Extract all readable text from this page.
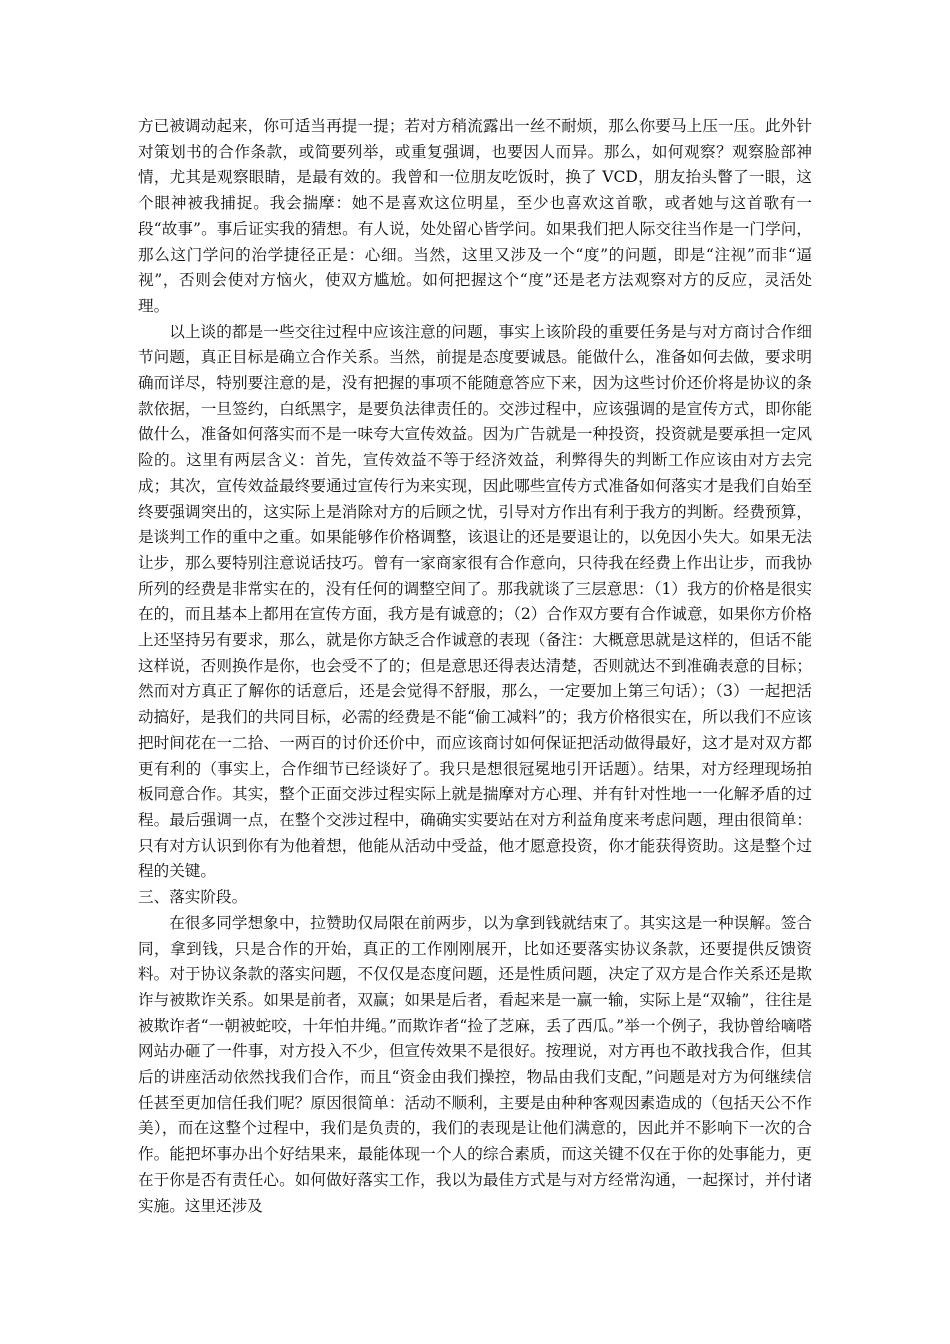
方已被调动起来，你可适当再提一提；若对方稍流露出一丝不耐烦，那么你要马上压一压。此外针对策划书的合作条款，或简要列举，或重复强调，也要因人而异。那么，如何观察？观察脸部神情，尤其是观察眼睛，是最有效的。我曾和一位朋友吃饭时，换了 VCD，朋友抬头瞥了一眼，这个眼神被我捕捉。我会揣摩：她不是喜欢这位明星，至少也喜欢这首歌，或者她与这首歌有一段“故事”。事后证实我的猜想。有人说，处处留心皆学问。如果我们把人际交往当作是一门学问，那么这门学问的治学捷径正是：心细。当然，这里又涉及一个“度”的问题，即是“注视”而非“逼视”，否则会使对方恼火，使双方尴尬。如何把握这个“度”还是老方法观察对方的反应，灵活处理。

以上谈的都是一些交往过程中应该注意的问题，事实上该阶段的重要任务是与对方商讨合作细节问题，真正目标是确立合作关系。当然，前提是态度要诚恳。能做什么，准备如何去做，要求明确而详尽，特别要注意的是，没有把握的事项不能随意答应下来，因为这些讨价还价将是协议的条款依据，一旦签约，白纸黑字，是要负法律责任的。交涉过程中，应该强调的是宣传方式，即你能做什么，准备如何落实而不是一味夸大宣传效益。因为广告就是一种投资，投资就是要承担一定风险的。这里有两层含义：首先，宣传效益不等于经济效益，利弊得失的判断工作应该由对方去完成；其次，宣传效益最终要通过宣传行为来实现，因此哪些宣传方式准备如何落实才是我们自始至终要强调突出的，这实际上是消除对方的后顾之忧，引导对方作出有利于我方的判断。经费预算，是谈判工作的重中之重。如果能够作价格调整，该退让的还是要退让的，以免因小失大。如果无法让步，那么要特别注意说话技巧。曾有一家商家很有合作意向，只待我在经费上作出让步，而我协所列的经费是非常实在的，没有任何的调整空间了。那我就谈了三层意思：（1）我方的价格是很实在的，而且基本上都用在宣传方面，我方是有诚意的；（2）合作双方要有合作诚意，如果你方价格上还坚持另有要求，那么，就是你方缺乏合作诚意的表现（备注：大概意思就是这样的，但话不能这样说，否则换作是你，也会受不了的；但是意思还得表达清楚，否则就达不到准确表意的目标；然而对方真正了解你的话意后，还是会觉得不舒服，那么，一定要加上第三句话）；（3）一起把活动搞好，是我们的共同目标，必需的经费是不能“偷工减料”的；我方价格很实在，所以我们不应该把时间花在一二拾、一两百的讨价还价中，而应该商讨如何保证把活动做得最好，这才是对双方都更有利的（事实上，合作细节已经谈好了。我只是想很冠冕地引开话题）。结果，对方经理现场拍板同意合作。其实，整个正面交涉过程实际上就是揣摩对方心理、并有针对性地一一化解矛盾的过程。最后强调一点，在整个交涉过程中，确确实实要站在对方利益角度来考虑问题，理由很简单：只有对方认识到你有为他着想，他能从活动中受益，他才愿意投资，你才能获得资助。这是整个过程的关键。

三、落实阶段。

在很多同学想象中，拉赞助仅局限在前两步，以为拿到钱就结束了。其实这是一种误解。签合同，拿到钱，只是合作的开始，真正的工作刚刚展开，比如还要落实协议条款，还要提供反馈资料。对于协议条款的落实问题，不仅仅是态度问题，还是性质问题，决定了双方是合作关系还是欺诈与被欺诈关系。如果是前者，双赢；如果是后者，看起来是一赢一输，实际上是“双输”，往往是被欺诈者“一朝被蛇咬，十年怕井绳。”而欺诈者“捡了芝麻，丢了西瓜。”举一个例子，我协曾给嘀嗒网站办砸了一件事，对方投入不少，但宣传效果不是很好。按理说，对方再也不敢找我合作，但其后的讲座活动依然找我们合作，而且“资金由我们操控，物品由我们支配，”问题是对方为何继续信任甚至更加信任我们呢？原因很简单：活动不顺利，主要是由种种客观因素造成的（包括天公不作美），而在这整个过程中，我们是负责的，我们的表现是让他们满意的，因此并不影响下一次的合作。能把坏事办出个好结果来，最能体现一个人的综合素质，而这关键不仅在于你的处事能力，更在于你是否有责任心。如何做好落实工作，我以为最佳方式是与对方经常沟通，一起探讨，并付诸实施。这里还涉及
